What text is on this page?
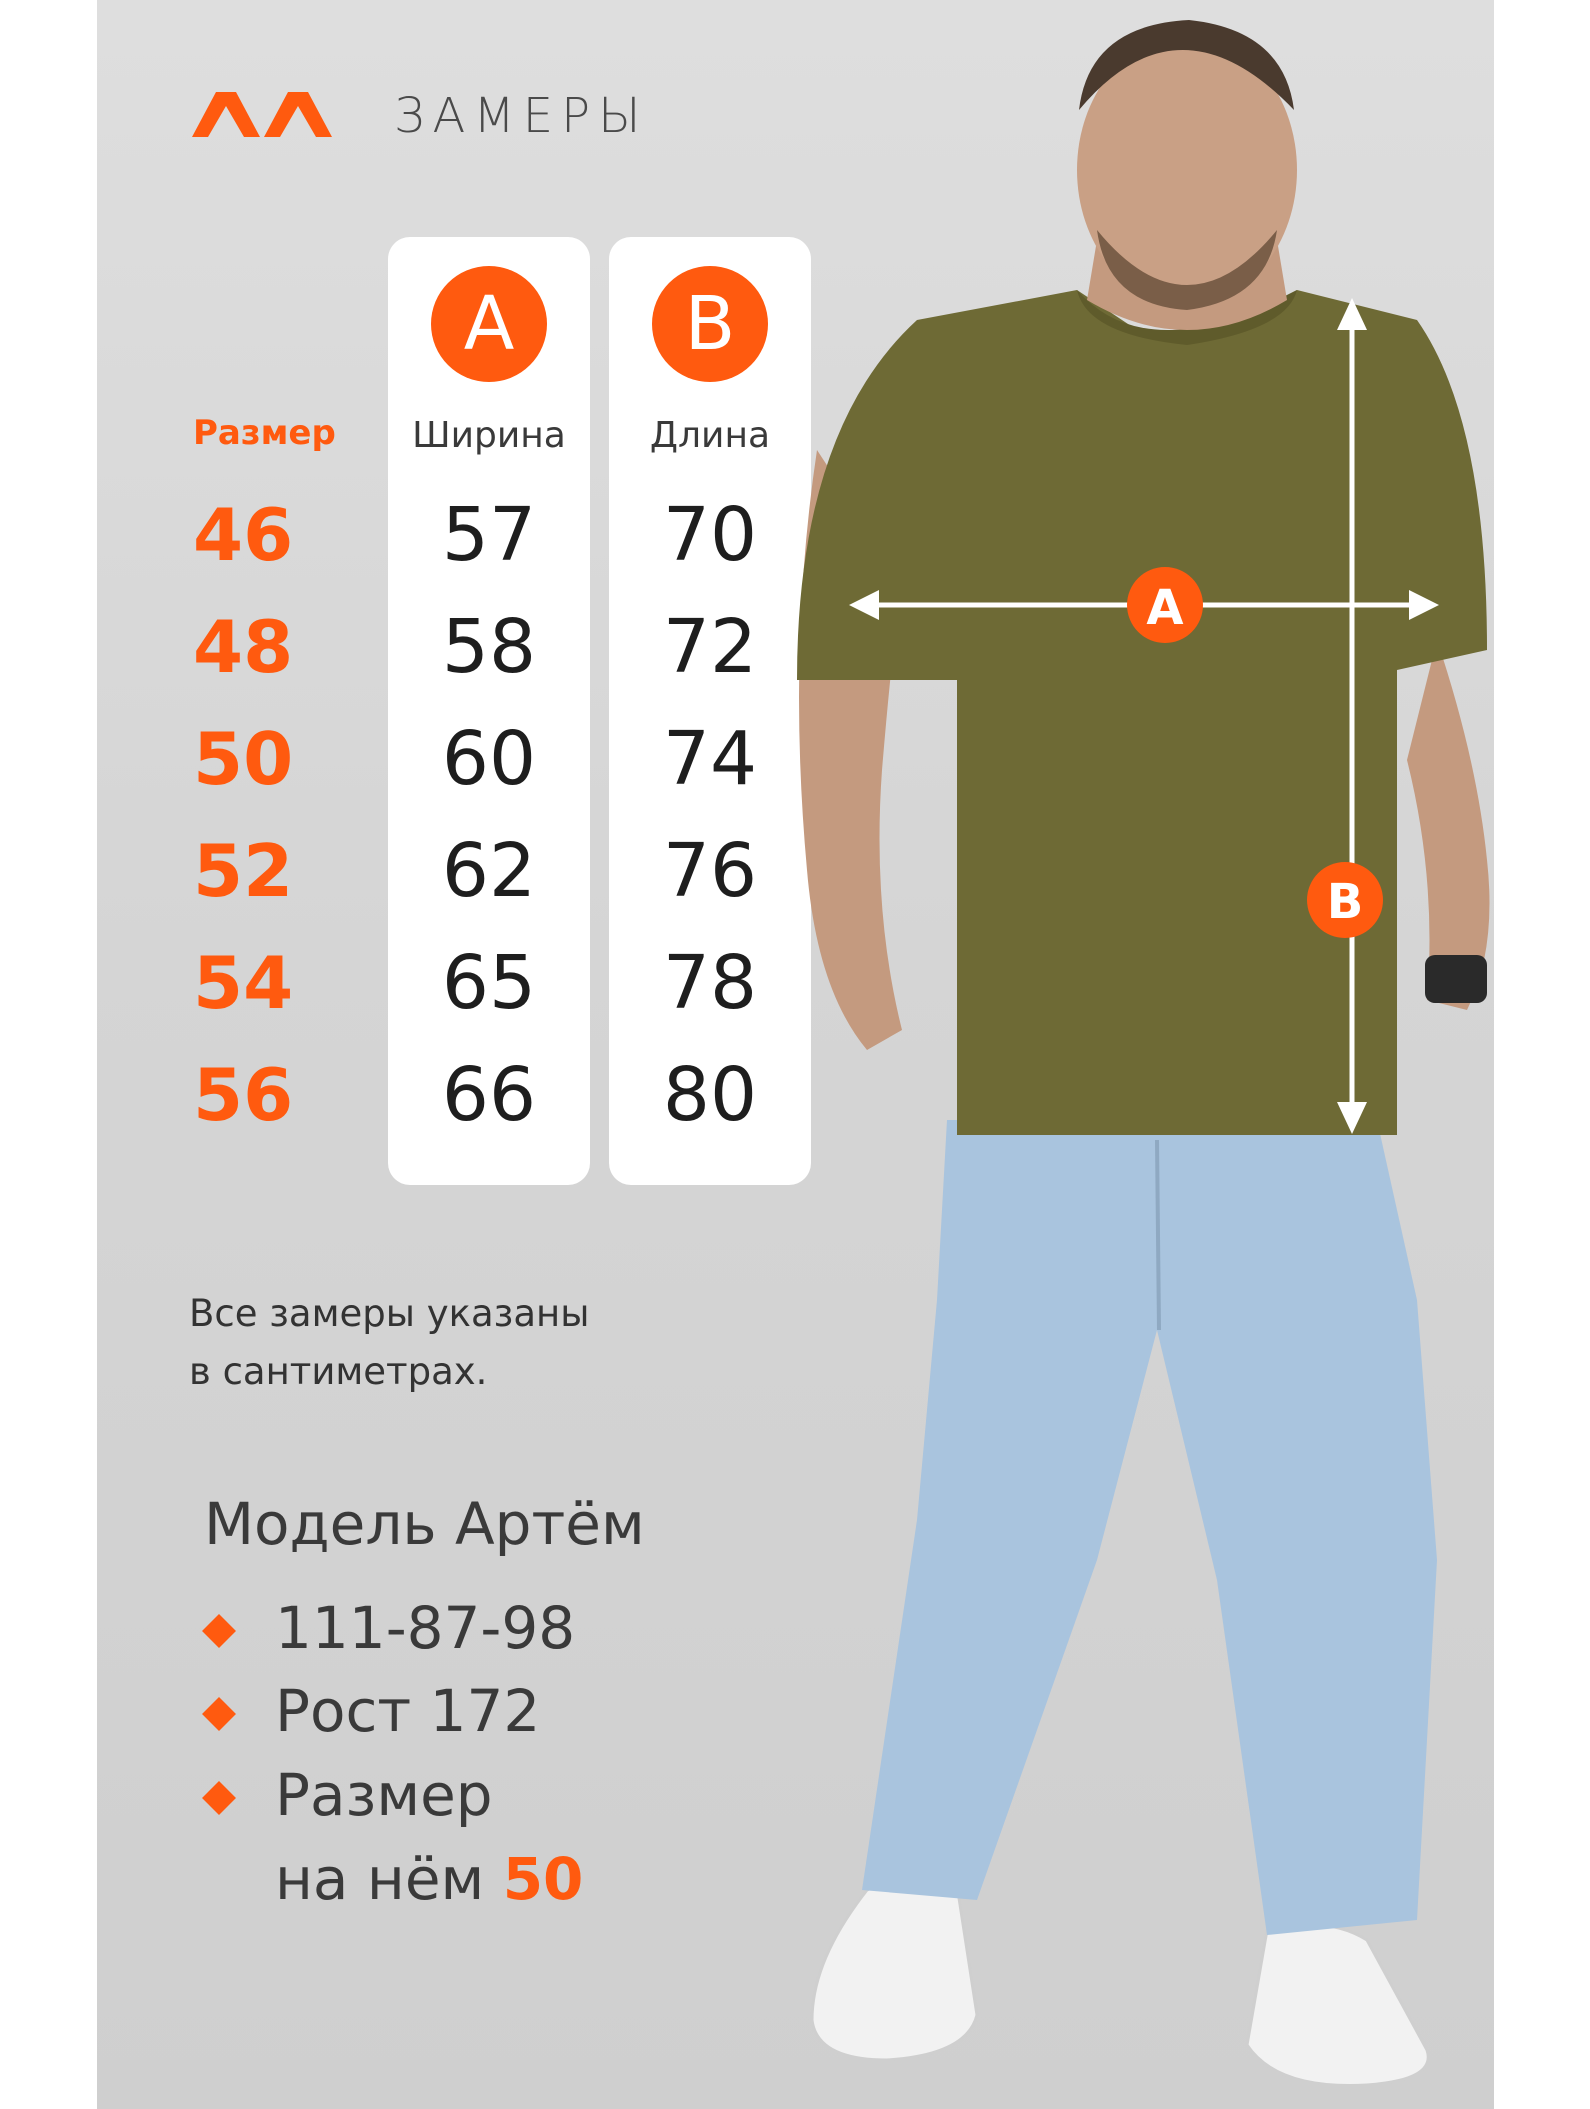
ЗАМЕРЫ
Размер
46
48
50
52
54
56
A
Ширина
57
58
60
62
65
66
B
Длина
70
72
74
76
78
80
Все замеры указаны
в сантиметрах.
Модель Артём
111-87-98
Рост 172
Размер
на нём 50
A
B
